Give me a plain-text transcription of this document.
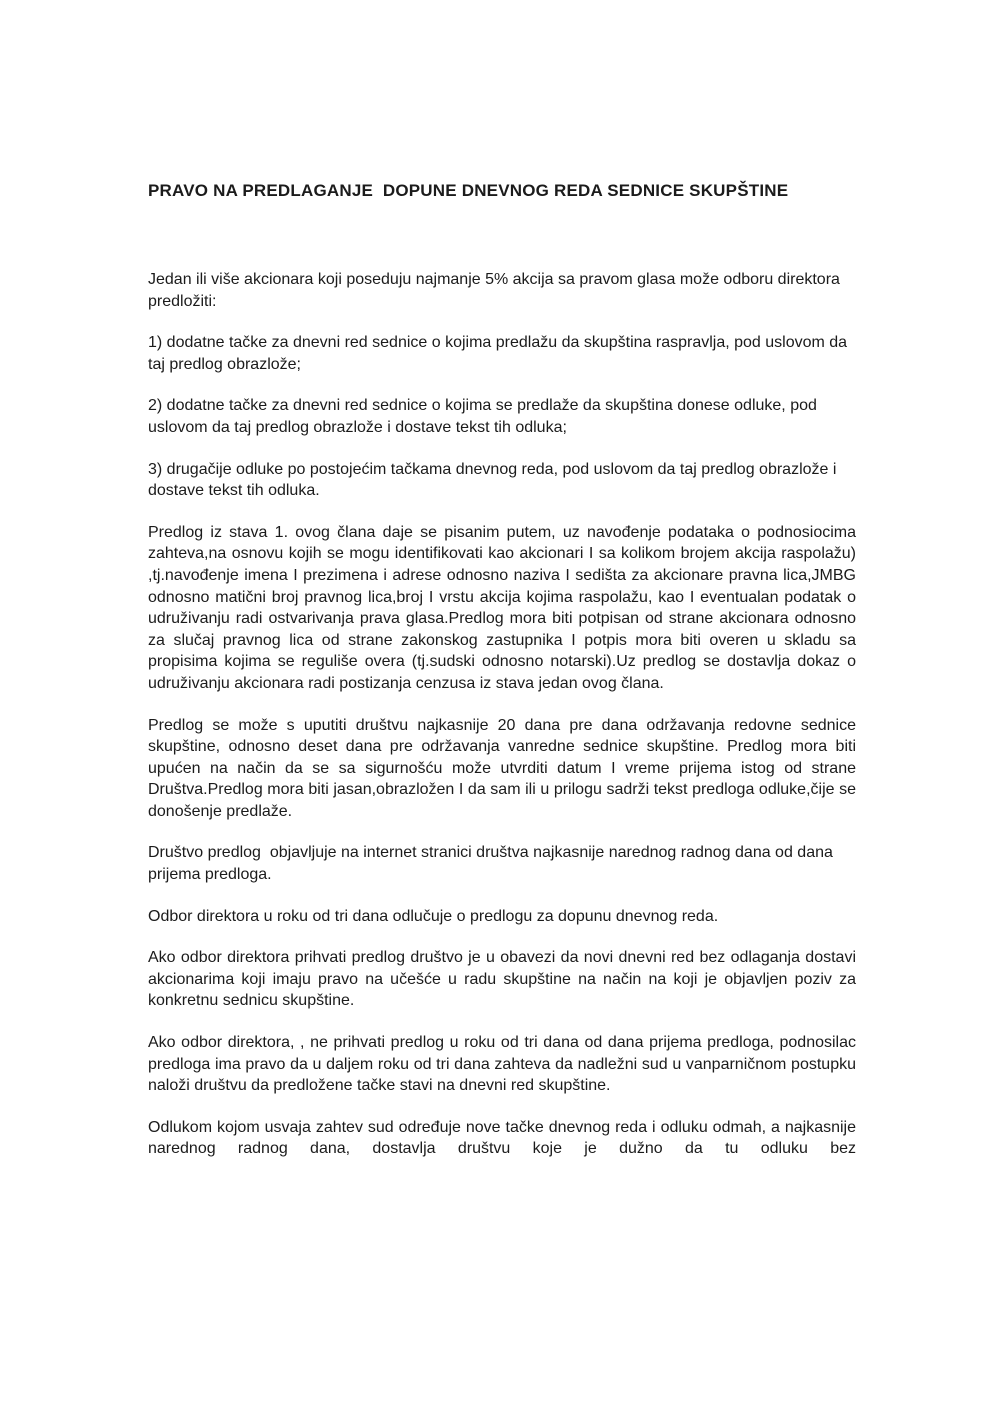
PRAVO NA PREDLAGANJE  DOPUNE DNEVNOG REDA SEDNICE SKUPŠTINE

Jedan ili više akcionara koji poseduju najmanje 5% akcija sa pravom glasa može odboru direktora predložiti:

1) dodatne tačke za dnevni red sednice o kojima predlažu da skupština raspravlja, pod uslovom da taj predlog obrazlože;

2) dodatne tačke za dnevni red sednice o kojima se predlaže da skupština donese odluke, pod uslovom da taj predlog obrazlože i dostave tekst tih odluka;

3) drugačije odluke po postojećim tačkama dnevnog reda, pod uslovom da taj predlog obrazlože i dostave tekst tih odluka.

Predlog iz stava 1. ovog člana daje se pisanim putem, uz navođenje podataka o podnosiocima zahteva,na osnovu kojih se mogu identifikovati kao akcionari I sa kolikom brojem akcija raspolažu) ,tj.navođenje imena I prezimena i adrese odnosno naziva I sedišta za akcionare pravna lica,JMBG odnosno matični broj pravnog lica,broj I vrstu akcija kojima raspolažu, kao I eventualan podatak o udruživanju radi ostvarivanja prava glasa.Predlog mora biti potpisan od strane akcionara odnosno za slučaj pravnog lica od strane zakonskog zastupnika I potpis mora biti overen u skladu sa propisima kojima se reguliše overa (tj.sudski odnosno notarski).Uz predlog se dostavlja dokaz o udruživanju akcionara radi postizanja cenzusa iz stava jedan ovog člana.

Predlog se može s uputiti društvu najkasnije 20 dana pre dana održavanja redovne sednice skupštine, odnosno deset dana pre održavanja vanredne sednice skupštine. Predlog mora biti upućen na način da se sa sigurnošću može utvrditi datum I vreme prijema istog od strane Društva.Predlog mora biti jasan,obrazložen I da sam ili u prilogu sadrži tekst predloga odluke,čije se donošenje predlaže.

Društvo predlog  objavljuje na internet stranici društva najkasnije narednog radnog dana od dana prijema predloga.

Odbor direktora u roku od tri dana odlučuje o predlogu za dopunu dnevnog reda.

Ako odbor direktora prihvati predlog društvo je u obavezi da novi dnevni red bez odlaganja dostavi akcionarima koji imaju pravo na učešće u radu skupštine na način na koji je objavljen poziv za konkretnu sednicu skupštine.

Ako odbor direktora, , ne prihvati predlog u roku od tri dana od dana prijema predloga, podnosilac predloga ima pravo da u daljem roku od tri dana zahteva da nadležni sud u vanparničnom postupku naloži društvu da predložene tačke stavi na dnevni red skupštine.

Odlukom kojom usvaja zahtev sud određuje nove tačke dnevnog reda i odluku odmah, a najkasnije narednog radnog dana, dostavlja društvu koje je dužno da tu odluku bez
